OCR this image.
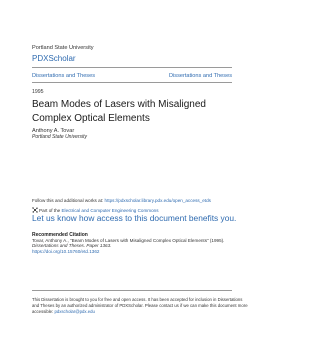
Portland State University
PDXScholar
Dissertations and Theses	Dissertations and Theses
1995
Beam Modes of Lasers with Misaligned Complex Optical Elements
Anthony A. Tovar
Portland State University
Follow this and additional works at: https://pdxscholar.library.pdx.edu/open_access_etds
Part of the Electrical and Computer Engineering Commons
Let us know how access to this document benefits you.
Recommended Citation
Tovar, Anthony A., "Beam Modes of Lasers with Misaligned Complex Optical Elements" (1995).
Dissertations and Theses. Paper 1363.
https://doi.org/10.15760/etd.1362
This Dissertation is brought to you for free and open access. It has been accepted for inclusion in Dissertations
and Theses by an authorized administrator of PDXScholar. Please contact us if we can make this document more
accessible: pdxscholar@pdx.edu
